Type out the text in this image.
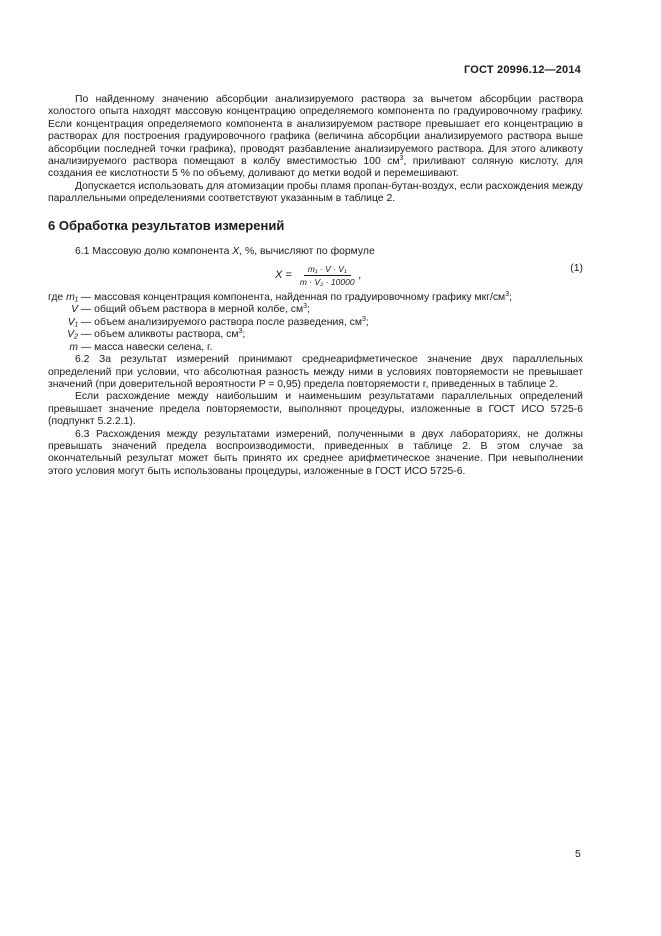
ГОСТ 20996.12—2014

По найденному значению абсорбции анализируемого раствора за вычетом абсорбции раствора холостого опыта находят массовую концентрацию определяемого компонента по градуировочному графику. Если концентрация определяемого компонента в анализируемом растворе превышает его концентрацию в растворах для построения градуировочного графика (величина абсорбции анализируемого раствора выше абсорбции последней точки графика), проводят разбавление анализируемого раствора. Для этого аликвоту анализируемого раствора помещают в колбу вместимостью 100 $см^3$, приливают соляную кислоту, для создания ее кислотности 5 % по объему, доливают до метки водой и перемешивают.

Допускается использовать для атомизации пробы пламя пропан-бутан-воздух, если расхождения между параллельными определениями соответствуют указанным в таблице 2.

6 Обработка результатов измерений

6.1 Массовую долю компонента X, %, вычисляют по формуле

$X = \frac{\text{m₁ · V · V₁}}{\text{m · V₂ · 10000}}$ ,
(1)
где m₁ — массовая концентрация компонента, найденная по градуировочному графику мкг/$см^3$;
V — общий объем раствора в мерной колбе, $см^3$;
V₁ — объем анализируемого раствора после разведения, $см^3$;
V₂ — объем аликвоты раствора, $см^3$;
m — масса навески селена, г.

6.2 За результат измерений принимают среднеарифметическое значение двух параллельных определений при условии, что абсолютная разность между ними в условиях повторяемости не превышает значений (при доверительной вероятности P = 0,95) предела повторяемости r, приведенных в таблице 2.

Если расхождение между наибольшим и наименьшим результатами параллельных определений превышает значение предела повторяемости, выполняют процедуры, изложенные в ГОСТ ИСО 5725-6 (подпункт 5.2.2.1).

6.3 Расхождения между результатами измерений, полученными в двух лабораториях, не должны превышать значений предела воспроизводимости, приведенных в таблице 2. В этом случае за окончательный результат может быть принято их среднее арифметическое значение. При невыполнении этого условия могут быть использованы процедуры, изложенные в ГОСТ ИСО 5725-6.

5
